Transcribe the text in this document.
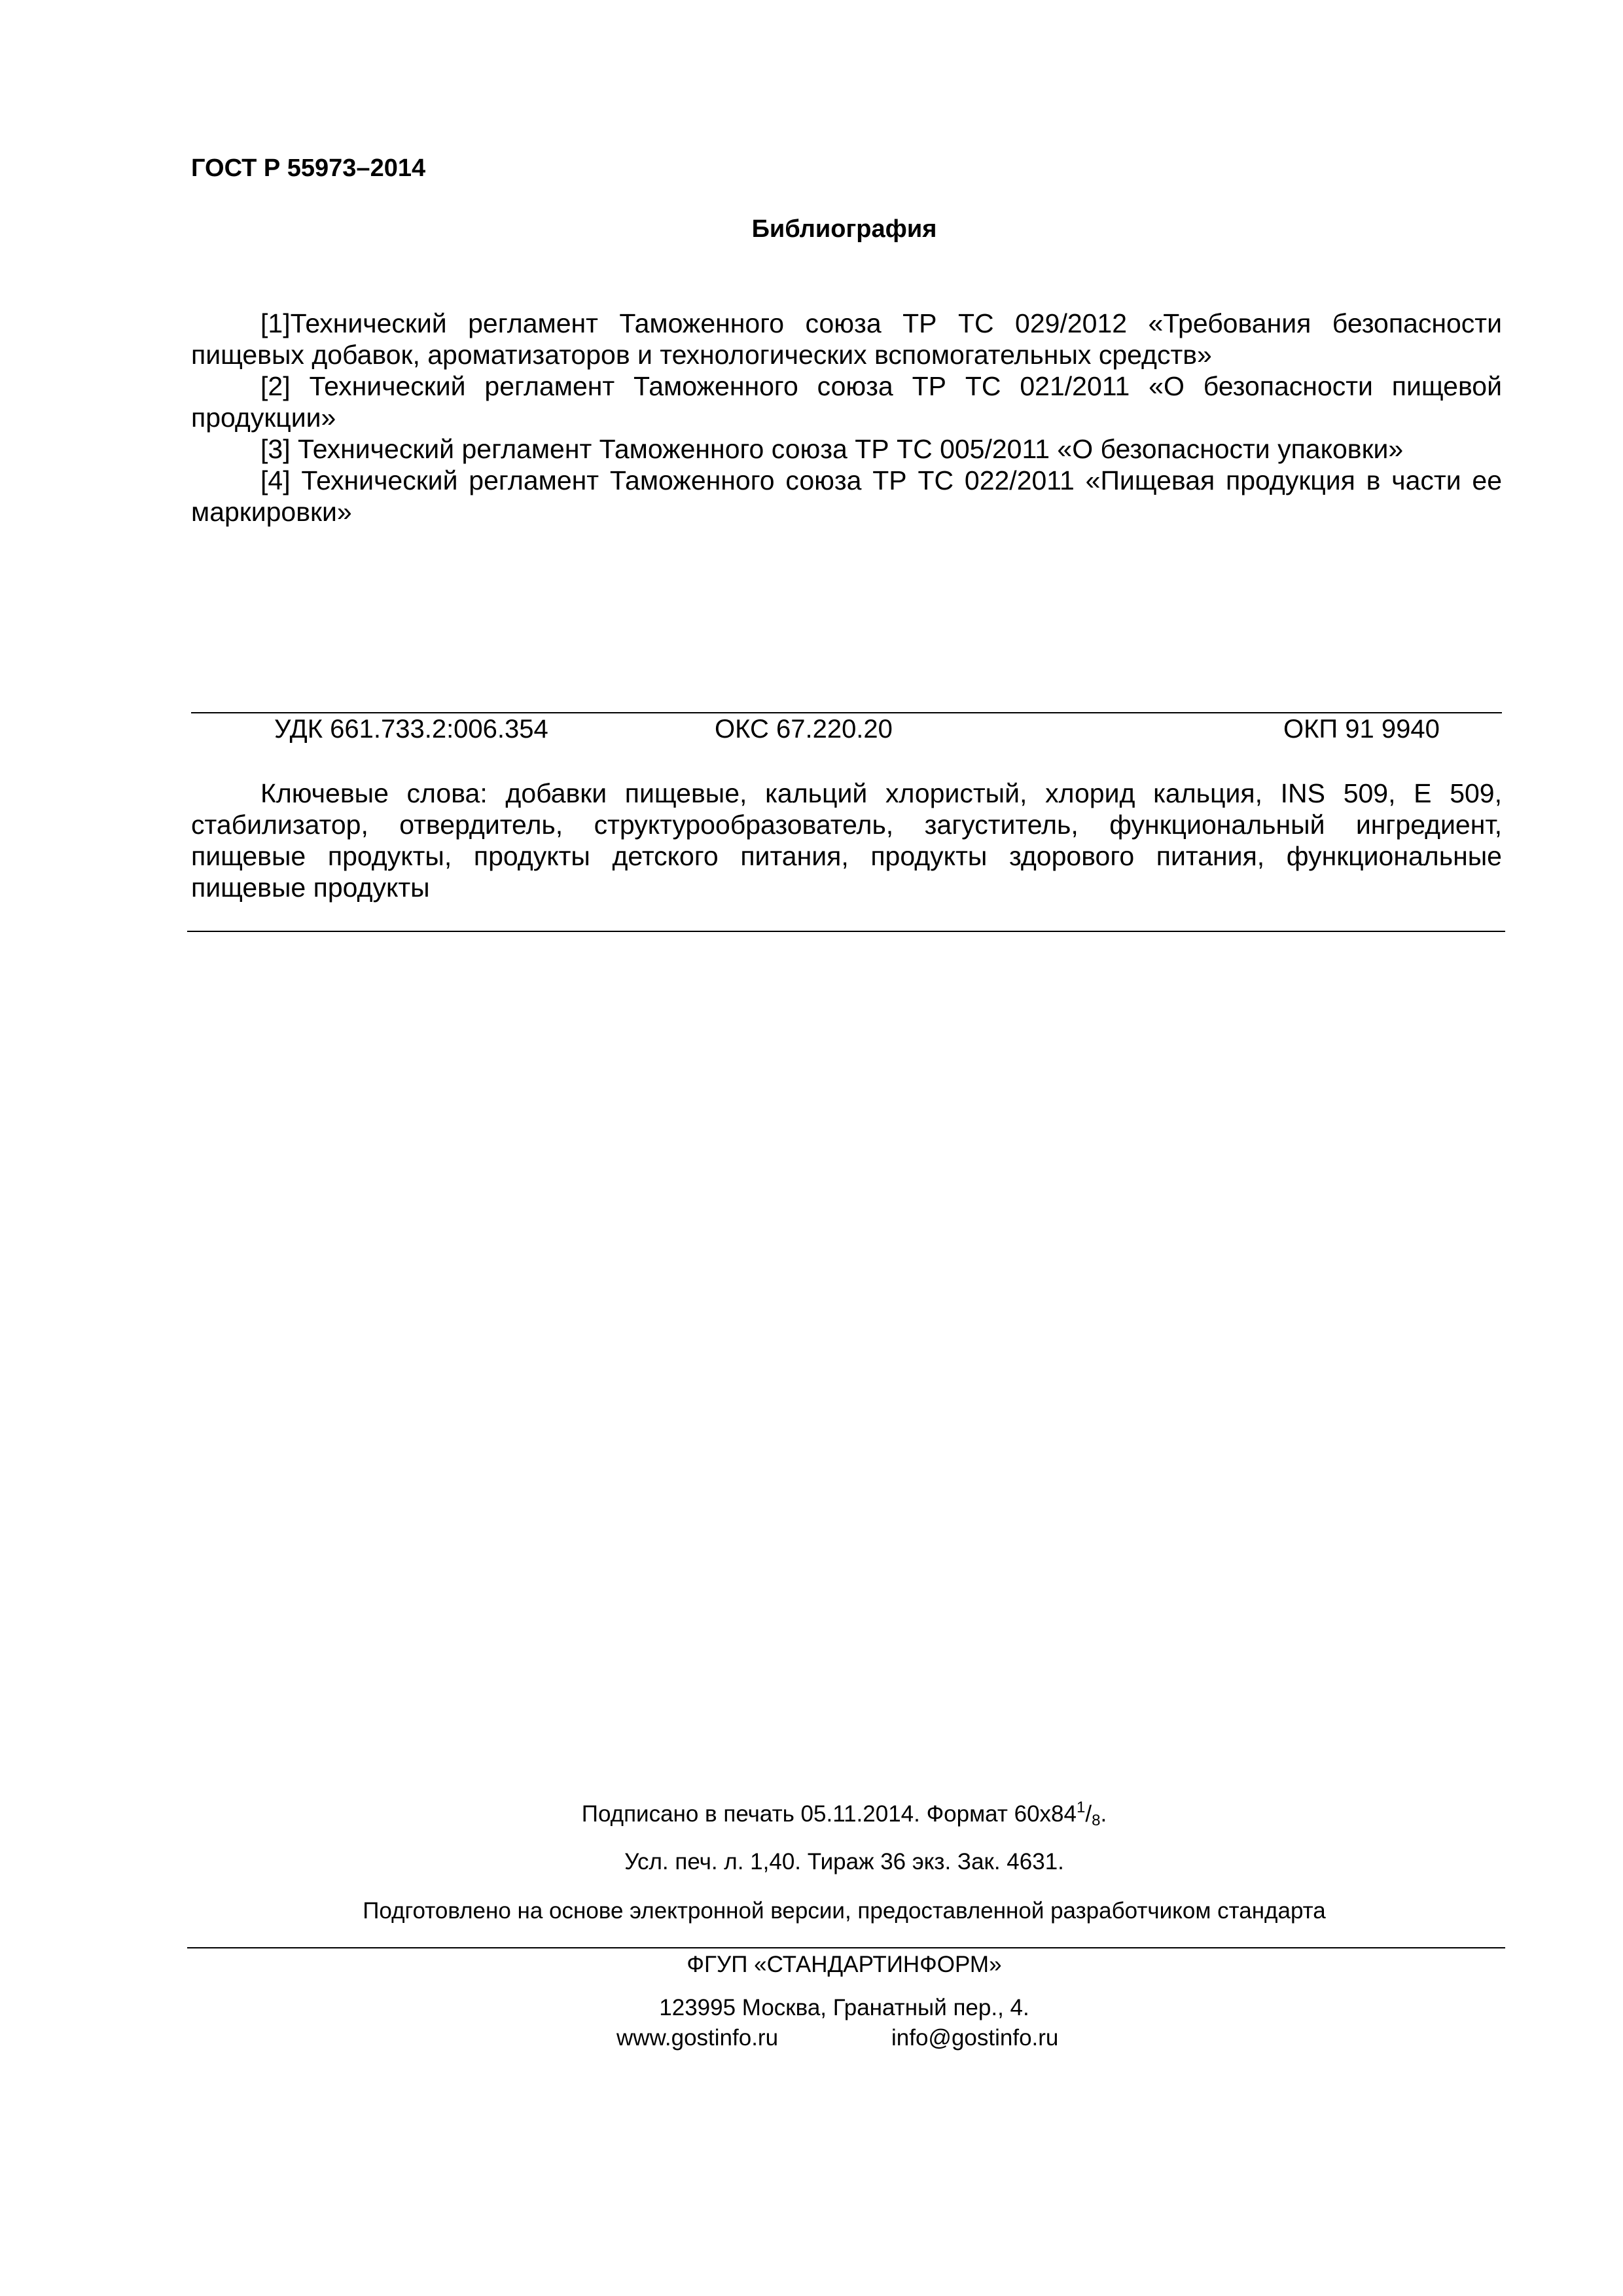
ГОСТ Р 55973–2014
Библиография
[1]Технический регламент Таможенного союза ТР ТС 029/2012 «Требования безопасности
пищевых добавок, ароматизаторов и технологических вспомогательных средств»
[2] Технический регламент Таможенного союза ТР ТС 021/2011 «О безопасности пищевой
продукции»
[3] Технический регламент Таможенного союза ТР ТС 005/2011 «О безопасности упаковки»
[4] Технический регламент Таможенного союза ТР ТС 022/2011 «Пищевая продукция в части ее
маркировки»
УДК 661.733.2:006.354	ОКС 67.220.20	ОКП 91 9940
Ключевые слова: добавки пищевые, кальций хлористый, хлорид кальция, INS 509, Е 509,
стабилизатор, отвердитель, структурообразователь, загуститель, функциональный ингредиент,
пищевые продукты, продукты детского питания, продукты здорового питания, функциональные
пищевые продукты
Подписано в печать 05.11.2014. Формат $60х84^1/_8$.
Усл. печ. л. 1,40. Тираж 36 экз. Зак. 4631.
Подготовлено на основе электронной версии, предоставленной разработчиком стандарта
ФГУП «СТАНДАРТИНФОРМ»
123995 Москва, Гранатный пер., 4.
www.gostinfo.ru	info@gostinfo.ru
